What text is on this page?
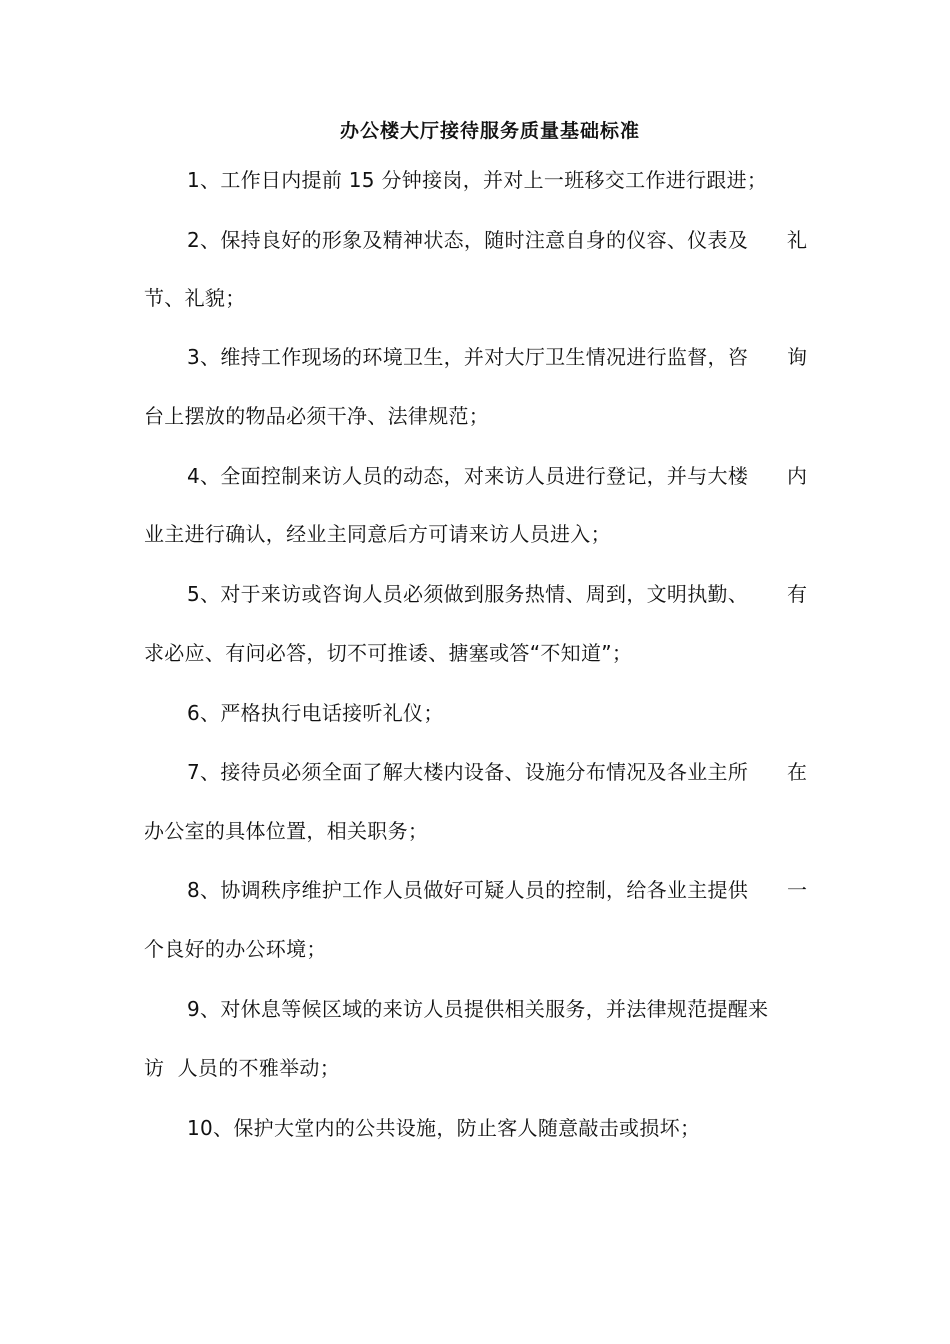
办公楼大厅接待服务质量基础标准
1、工作日内提前 15 分钟接岗，并对上一班移交工作进行跟进；
2、保持良好的形象及精神状态，随时注意自身的仪容、仪表及 礼
节、礼貌；
3、维持工作现场的环境卫生，并对大厅卫生情况进行监督，咨 询
台上摆放的物品必须干净、法律规范；
4、全面控制来访人员的动态，对来访人员进行登记，并与大楼 内
业主进行确认，经业主同意后方可请来访人员进入；
5、对于来访或咨询人员必须做到服务热情、周到，文明执勤、 有
求必应、有问必答，切不可推诿、搪塞或答“不知道”；
6、严格执行电话接听礼仪；
7、接待员必须全面了解大楼内设备、设施分布情况及各业主所 在
办公室的具体位置，相关职务；
8、协调秩序维护工作人员做好可疑人员的控制，给各业主提供 一
个良好的办公环境；
9、对休息等候区域的来访人员提供相关服务，并法律规范提醒来
访  人员的不雅举动；
10、保护大堂内的公共设施，防止客人随意敲击或损坏；
